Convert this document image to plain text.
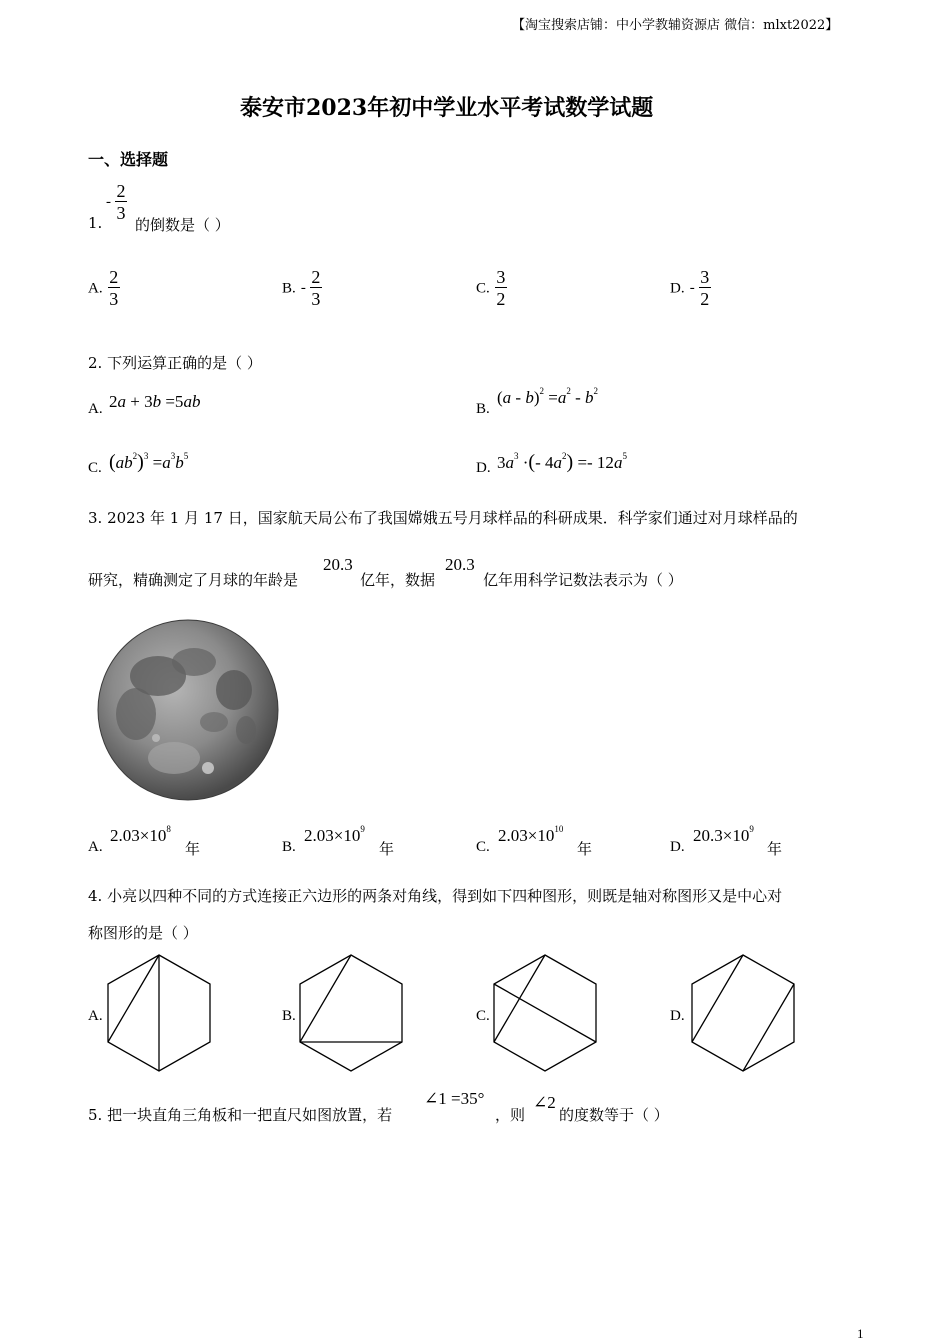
【淘宝搜索店铺：中小学教辅资源店 微信：mlxt2022】
泰安市2023年初中学业水平考试数学试题
一、选择题
1.
- $\frac{2}{3}$
的倒数是（ ）
A. $\frac{2}{3}$	B. - $\frac{2}{3}$	C. $\frac{3}{2}$	D. - $\frac{3}{2}$
2. 下列运算正确的是（ ）
A. 2a + 3b =5ab	B.
$(a - b)^2 =a^2 - b^2$
C. $(ab^2)^3 =a^3b^5$
D. $3a^3$ ·(- $4a^2) =- 12a^5$
3. 2023 年 1 月 17 日，国家航天局公布了我国嫦娥五号月球样品的科研成果．科学家们通过对月球样品的
研究，精确测定了月球的年龄是
20.3
亿年，数据
20.3
亿年用科学记数法表示为（ ）
A.
$2.03\times 10^8$
年	B.
$2.03\times 10^9$
年	C.
$2.03\times 10^{10}$
年	D.
$20.3\times 10^9$
年
4. 小亮以四种不同的方式连接正六边形的两条对角线，得到如下四种图形，则既是轴对称图形又是中心对
称图形的是（ ）
A.	B.	C.	D.
5. 把一块直角三角板和一把直尺如图放置，若
∠1 =35°
，则
∠2
的度数等于（ ）
1
